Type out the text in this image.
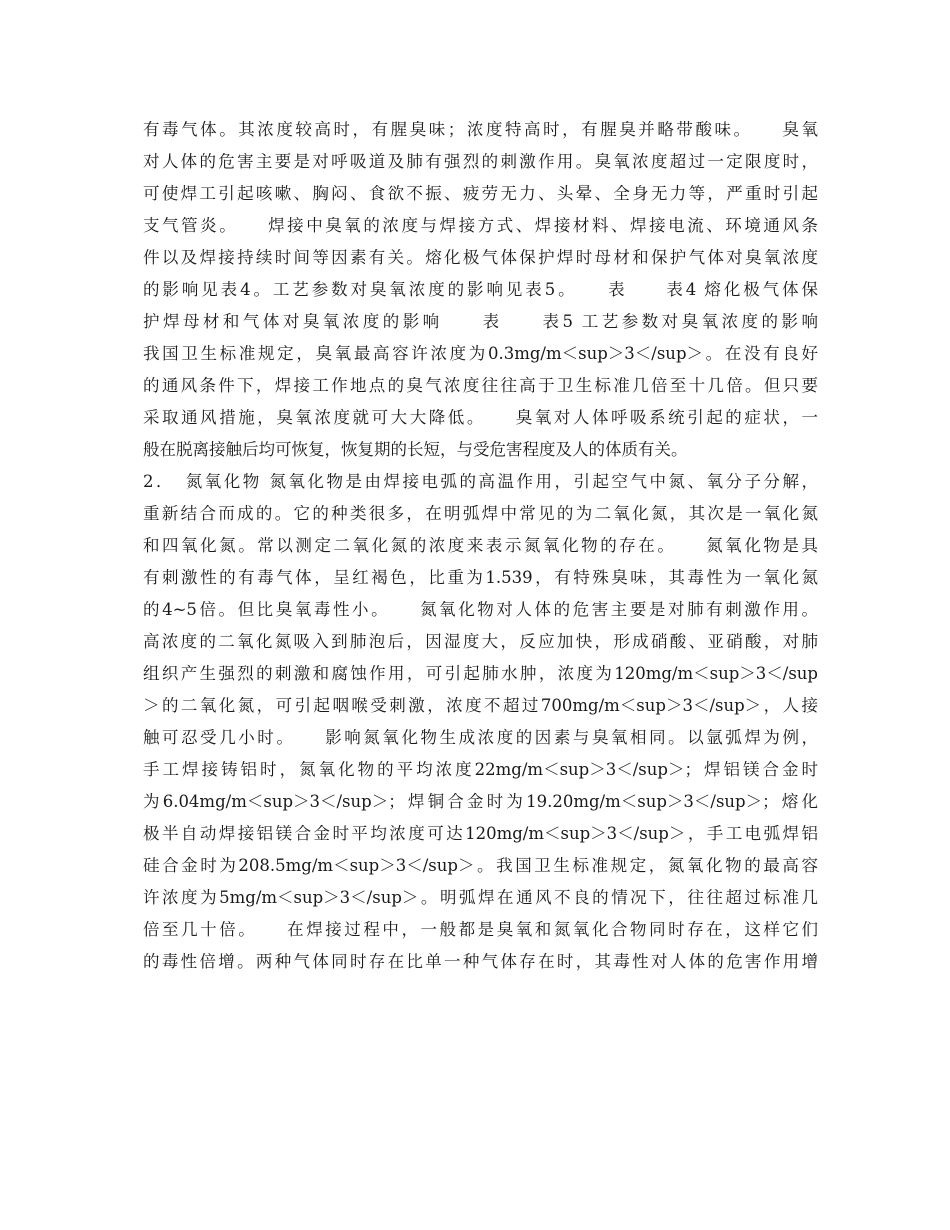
有毒气体。其浓度较高时，有腥臭味；浓度特高时，有腥臭并略带酸味。　　臭氧
对人体的危害主要是对呼吸道及肺有强烈的刺激作用。臭氧浓度超过一定限度时，
可使焊工引起咳嗽、胸闷、食欲不振、疲劳无力、头晕、全身无力等，严重时引起
支气管炎。　　焊接中臭氧的浓度与焊接方式、焊接材料、焊接电流、环境通风条
件以及焊接持续时间等因素有关。熔化极气体保护焊时母材和保护气体对臭氧浓度
的影响见表4。工艺参数对臭氧浓度的影响见表5。　　表　　表4 熔化极气体保
护焊母材和气体对臭氧浓度的影响　　表　　表5 工艺参数对臭氧浓度的影响
我国卫生标准规定，臭氧最高容许浓度为0.3mg/m＜sup＞3＜/sup＞。在没有良好
的通风条件下，焊接工作地点的臭气浓度往往高于卫生标准几倍至十几倍。但只要
采取通风措施，臭氧浓度就可大大降低。　　臭氧对人体呼吸系统引起的症状，一
般在脱离接触后均可恢复，恢复期的长短，与受危害程度及人的体质有关。
2．　氮氧化物 氮氧化物是由焊接电弧的高温作用，引起空气中氮、氧分子分解，
重新结合而成的。它的种类很多，在明弧焊中常见的为二氧化氮，其次是一氧化氮
和四氧化氮。常以测定二氧化氮的浓度来表示氮氧化物的存在。　　氮氧化物是具
有刺激性的有毒气体，呈红褐色，比重为1.539，有特殊臭味，其毒性为一氧化氮
的4~5倍。但比臭氧毒性小。　　氮氧化物对人体的危害主要是对肺有刺激作用。
高浓度的二氧化氮吸入到肺泡后，因湿度大，反应加快，形成硝酸、亚硝酸，对肺
组织产生强烈的刺激和腐蚀作用，可引起肺水肿，浓度为120mg/m＜sup＞3＜/sup
＞的二氧化氮，可引起咽喉受刺激，浓度不超过700mg/m＜sup＞3＜/sup＞，人接
触可忍受几小时。　　影响氮氧化物生成浓度的因素与臭氧相同。以氩弧焊为例，
手工焊接铸铝时，氮氧化物的平均浓度22mg/m＜sup＞3＜/sup＞；焊铝镁合金时
为6.04mg/m＜sup＞3＜/sup＞；焊铜合金时为19.20mg/m＜sup＞3＜/sup＞；熔化
极半自动焊接铝镁合金时平均浓度可达120mg/m＜sup＞3＜/sup＞，手工电弧焊铝
硅合金时为208.5mg/m＜sup＞3＜/sup＞。我国卫生标准规定，氮氧化物的最高容
许浓度为5mg/m＜sup＞3＜/sup＞。明弧焊在通风不良的情况下，往往超过标准几
倍至几十倍。　　在焊接过程中，一般都是臭氧和氮氧化合物同时存在，这样它们
的毒性倍增。两种气体同时存在比单一种气体存在时，其毒性对人体的危害作用增
